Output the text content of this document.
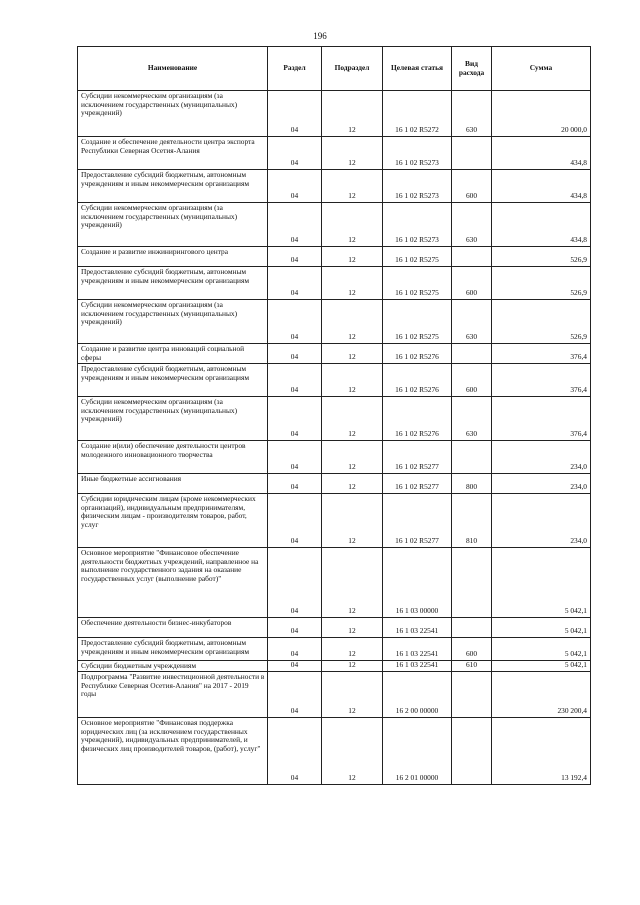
196
Наименование	Раздел	Подраздел	Целевая статья	Вид расхода	Сумма
Субсидии некоммерческим организациям (за исключением государственных (муниципальных) учреждений)	04	12	16 1 02 R5272	630	20 000,0
Создание и обеспечение деятельности центра экспорта Республики Северная Осетия-Алания	04	12	16 1 02 R5273		434,8
Предоставление субсидий бюджетным, автономным учреждениям и иным некоммерческим организациям	04	12	16 1 02 R5273	600	434,8
Субсидии некоммерческим организациям (за исключением государственных (муниципальных) учреждений)	04	12	16 1 02 R5273	630	434,8
Создание и развитие инжинирингового центра	04	12	16 1 02 R5275		526,9
Предоставление субсидий бюджетным, автономным учреждениям и иным некоммерческим организациям	04	12	16 1 02 R5275	600	526,9
Субсидии некоммерческим организациям (за исключением государственных (муниципальных) учреждений)	04	12	16 1 02 R5275	630	526,9
Создание и развитие центра инноваций социальной сферы	04	12	16 1 02 R5276		376,4
Предоставление субсидий бюджетным, автономным учреждениям и иным некоммерческим организациям	04	12	16 1 02 R5276	600	376,4
Субсидии некоммерческим организациям (за исключением государственных (муниципальных) учреждений)	04	12	16 1 02 R5276	630	376,4
Создание и(или) обеспечение деятельности центров молодежного инновационного творчества	04	12	16 1 02 R5277		234,0
Иные бюджетные ассигнования	04	12	16 1 02 R5277	800	234,0
Субсидии юридическим лицам (кроме некоммерческих организаций), индивидуальным предпринимателям, физическим лицам - производителям товаров, работ, услуг	04	12	16 1 02 R5277	810	234,0
Основное мероприятие "Финансовое обеспечение деятельности бюджетных учреждений, направленное на выполнение государственного задания на оказание государственных услуг (выполнение работ)"	04	12	16 1 03 00000		5 042,1
Обеспечение деятельности бизнес-инкубаторов	04	12	16 1 03 22541		5 042,1
Предоставление субсидий бюджетным, автономным учреждениям и иным некоммерческим организациям	04	12	16 1 03 22541	600	5 042,1
Субсидии бюджетным учреждениям	04	12	16 1 03 22541	610	5 042,1
Подпрограмма "Развитие инвестиционной деятельности в Республике Северная Осетия-Алания" на 2017 - 2019 годы	04	12	16 2 00 00000		230 200,4
Основное мероприятие "Финансовая поддержка юридических лиц (за исключением государственных учреждений), индивидуальных предпринимателей, и физических лиц производителей товаров, (работ), услуг"	04	12	16 2 01 00000		13 192,4
